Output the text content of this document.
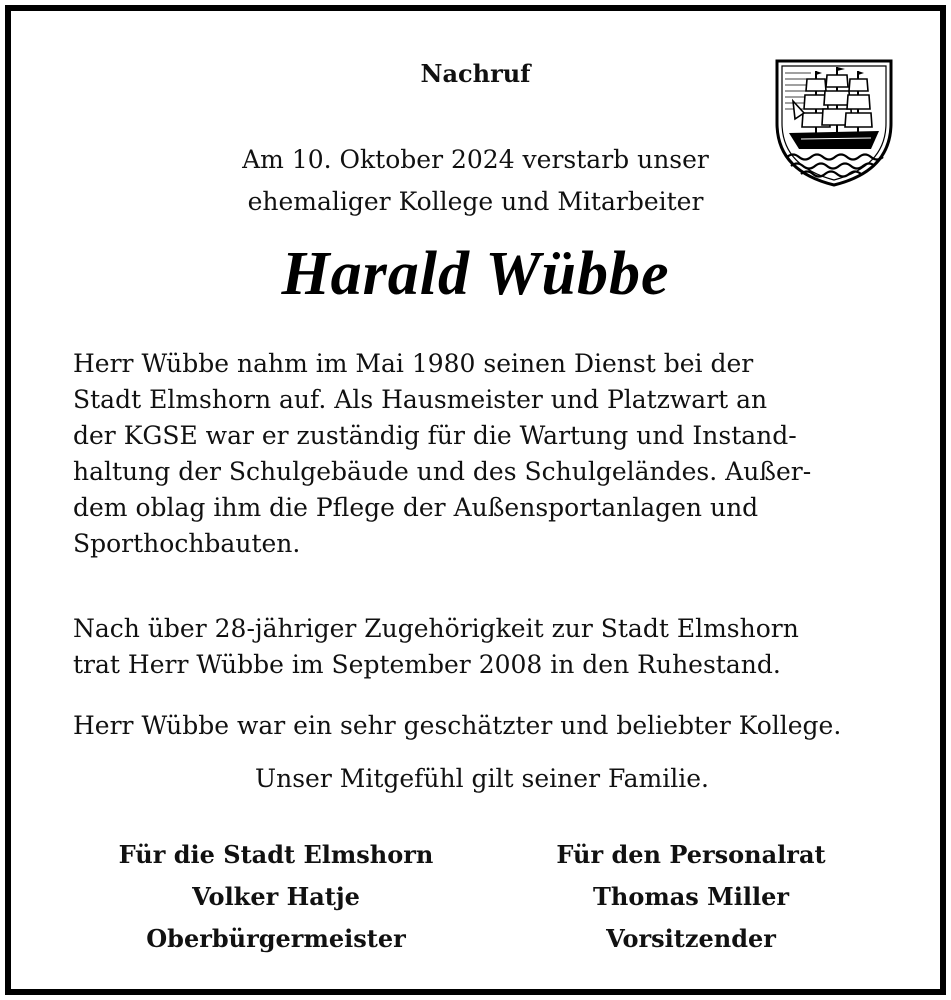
Nachruf
Am 10. Oktober 2024 verstarb unser
ehemaliger Kollege und Mitarbeiter
Harald Wübbe
Herr Wübbe nahm im Mai 1980 seinen Dienst bei der
Stadt Elmshorn auf. Als Hausmeister und Platzwart an
der KGSE war er zuständig für die Wartung und Instand-
haltung der Schulgebäude und des Schulgeländes. Außer-
dem oblag ihm die Pflege der Außensportanlagen und
Sporthochbauten.
Nach über 28-jähriger Zugehörigkeit zur Stadt Elmshorn
trat Herr Wübbe im September 2008 in den Ruhestand.
Herr Wübbe war ein sehr geschätzter und beliebter Kollege.
Unser Mitgefühl gilt seiner Familie.
Für die Stadt Elmshorn
Volker Hatje
Oberbürgermeister
Für den Personalrat
Thomas Miller
Vorsitzender
